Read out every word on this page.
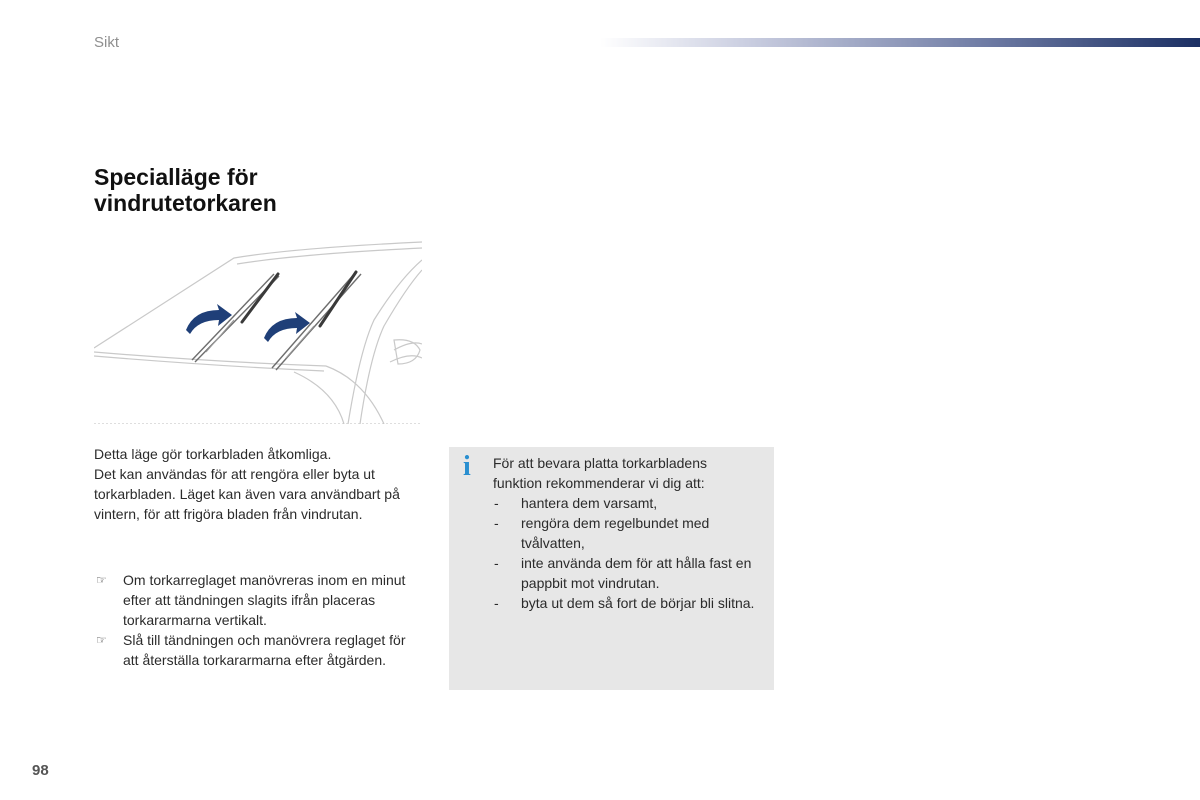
Sikt
Specialläge för vindrutetorkaren

Detta läge gör torkarbladen åtkomliga.

Det kan användas för att rengöra eller byta ut torkarbladen. Läget kan även vara användbart på vintern, för att frigöra bladen från vindrutan.

☞ Om torkarreglaget manövreras inom en minut efter att tändningen slagits ifrån placeras torkararmarna vertikalt.
☞ Slå till tändningen och manövrera reglaget för att återställa torkararmarna efter åtgärden.
i För att bevara platta torkarbladens funktion rekommenderar vi dig att:

- hantera dem varsamt,
- rengöra dem regelbundet med tvålvatten,
- inte använda dem för att hålla fast en pappbit mot vindrutan.
- byta ut dem så fort de börjar bli slitna.
98
